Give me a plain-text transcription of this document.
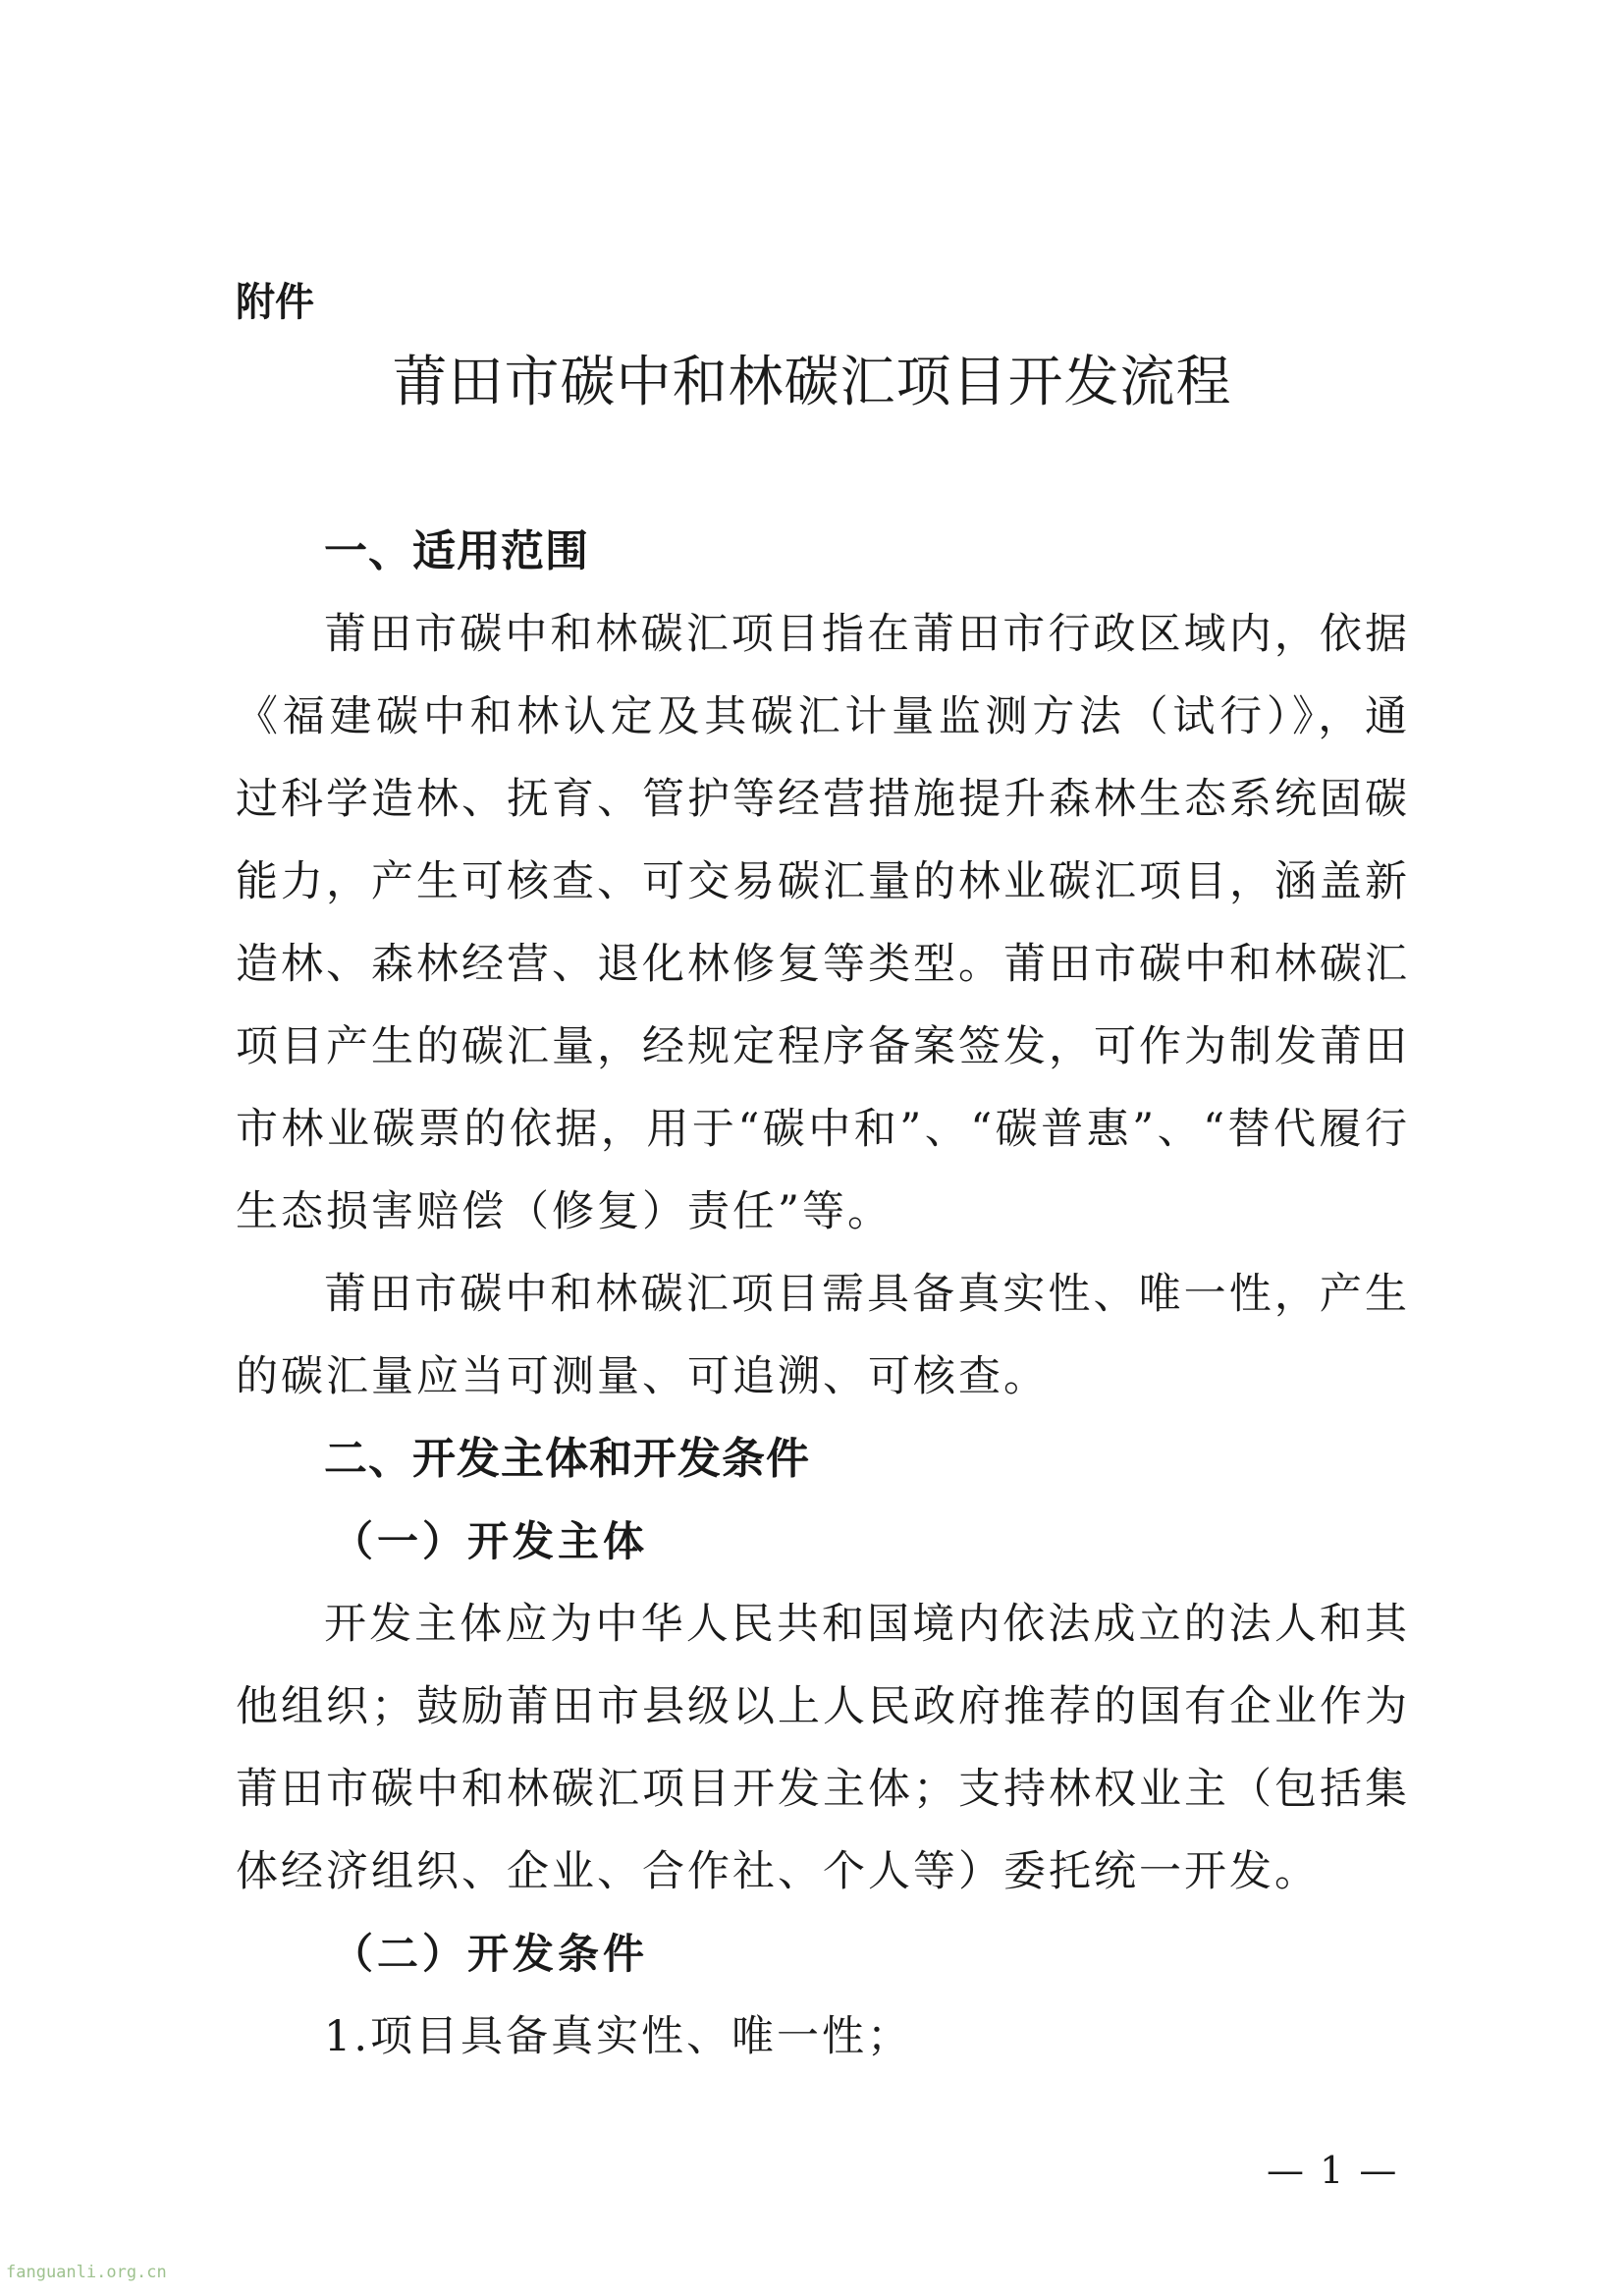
附件

莆田市碳中和林碳汇项目开发流程
一、适用范围

莆田市碳中和林碳汇项目指在莆田市行政区域内，依据《福建碳中和林认定及其碳汇计量监测方法（试行）》，通过科学造林、抚育、管护等经营措施提升森林生态系统固碳能力，产生可核查、可交易碳汇量的林业碳汇项目，涵盖新造林、森林经营、退化林修复等类型。莆田市碳中和林碳汇项目产生的碳汇量，经规定程序备案签发，可作为制发莆田市林业碳票的依据，用于“碳中和”、“碳普惠”、“替代履行生态损害赔偿（修复）责任”等。

莆田市碳中和林碳汇项目需具备真实性、唯一性，产生的碳汇量应当可测量、可追溯、可核查。

二、开发主体和开发条件
（一）开发主体

开发主体应为中华人民共和国境内依法成立的法人和其他组织；鼓励莆田市县级以上人民政府推荐的国有企业作为莆田市碳中和林碳汇项目开发主体；支持林权业主（包括集体经济组织、企业、合作社、个人等）委托统一开发。

（二）开发条件

1.项目具备真实性、唯一性；

— 1 —

fanguanli.org.cn
